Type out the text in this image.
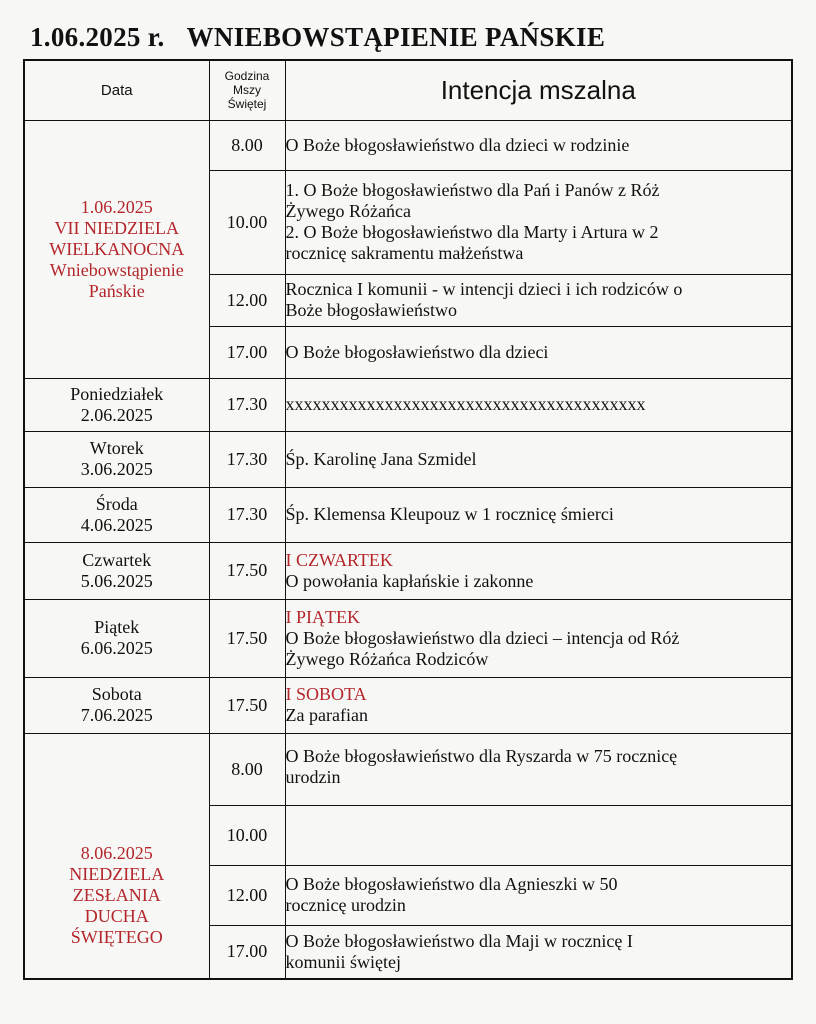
1.06.2025 r. WNIEBOWSTĄPIENIE PAŃSKIE
Data	Godzina
Mszy
Świętej	Intencja mszalna

1.06.2025
VII NIEDZIELA
WIELKANOCNA
Wniebowstąpienie
Pańskie	8.00	O Boże błogosławieństwo dla dzieci w rodzinie

	10.00	1. O Boże błogosławieństwo dla Pań i Panów z Róż
Żywego Różańca
2. O Boże błogosławieństwo dla Marty i Artura w 2
rocznicę sakramentu małżeństwa

	12.00	Rocznica I komunii - w intencji dzieci i ich rodziców o
Boże błogosławieństwo

	17.00	O Boże błogosławieństwo dla dzieci

Poniedziałek
2.06.2025	17.30	xxxxxxxxxxxxxxxxxxxxxxxxxxxxxxxxxxxxxxxx

Wtorek
3.06.2025	17.30	Śp. Karolinę Jana Szmidel

Środa
4.06.2025	17.30	Śp. Klemensa Kleupouz w 1 rocznicę śmierci

Czwartek
5.06.2025	17.50	I CZWARTEK
O powołania kapłańskie i zakonne

Piątek
6.06.2025	17.50	I PIĄTEK
O Boże błogosławieństwo dla dzieci – intencja od Róż
Żywego Różańca Rodziców

Sobota
7.06.2025	17.50	I SOBOTA
Za parafian

8.06.2025
NIEDZIELA
ZESŁANIA
DUCHA
ŚWIĘTEGO	8.00	O Boże błogosławieństwo dla Ryszarda w 75 rocznicę
urodzin

	10.00	
	12.00	O Boże błogosławieństwo dla Agnieszki w 50
rocznicę urodzin

	17.00	O Boże błogosławieństwo dla Maji w rocznicę I
komunii świętej
